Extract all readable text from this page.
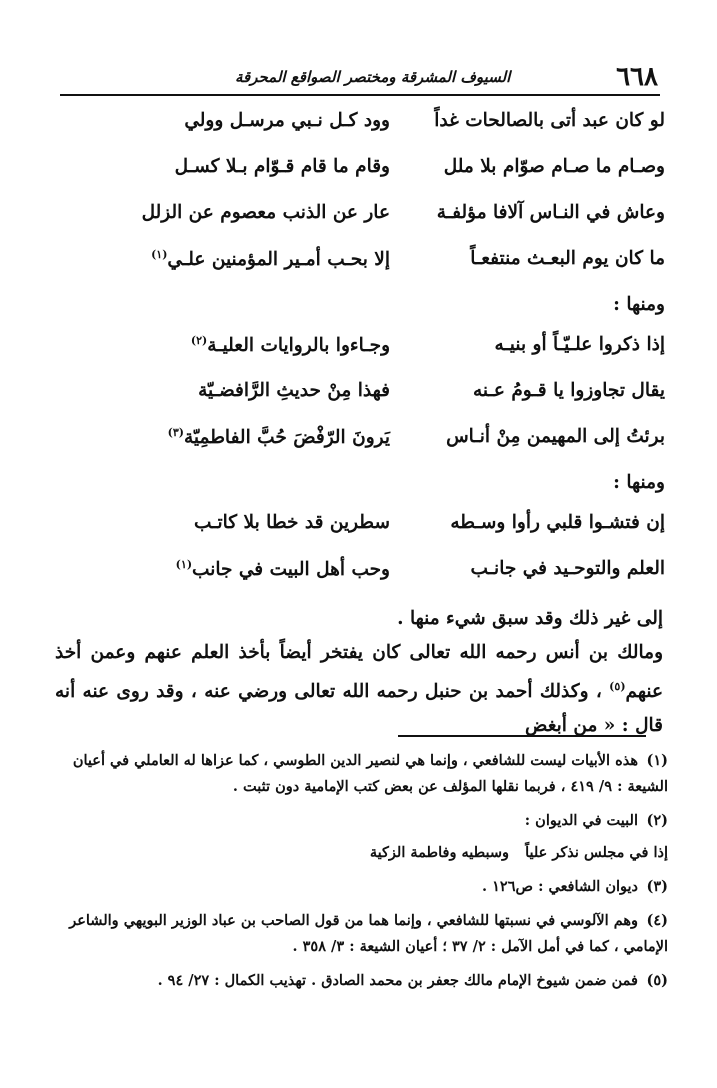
السيوف المشرقة ومختصر الصواقع المحرقة	٦٦٨
لو كان عبد أتى بالصالحات غداً
وود كـل نـبي مرسـل وولي
وصـام ما صـام صوّام بلا ملل
وقام ما قام قـوّام بـلا كسـل
وعاش في النـاس آلافا مؤلفـة
عار عن الذنب معصوم عن الزلل
ما كان يوم البعـث منتفعـاً
إلا بحـب أمـير المؤمنين علـي$^{(١)}$
ومنها :
إذا ذكروا علـيّـاً أو بنيـه
وجـاءوا بالروايات العليـة$^{(٢)}$
يقال تجاوزوا يا قـومُ عـنه
فهذا مِنْ حديثِ الرَّافضـيّة
برئتُ إلى المهيمن مِنْ أنـاس
يَرونَ الرّفْضَ حُبَّ الفاطمِيّة$^{(٣)}$
ومنها :
إن فتشـوا قلبي رأوا وسـطه
سطرين قد خطا بلا كاتـب
العلم والتوحـيد في جانـب
وحب أهل البيت في جانب$^{(١)}$
إلى غير ذلك وقد سبق شيء منها .
ومالك بن أنس رحمه الله تعالى كان يفتخر أيضاً بأخذ العلم عنهم وعمن أخذ عنهم$^{(٥)}$ ، وكذلك أحمد بن حنبل رحمه الله تعالى ورضي عنه ، وقد روى عنه أنه قال : « من أبغض
(١)هذه الأبيات ليست للشافعي ، وإنما هي لنصير الدين الطوسي ، كما عزاها له العاملي في أعيان الشيعة : ٩/ ٤١٩ ، فربما نقلها المؤلف عن بعض كتب الإمامية دون تثبت .
(٢)البيت في الديوان :
إذا في مجلس نذكر علياًوسبطيه وفاطمة الزكية
(٣)ديوان الشافعي : ص١٢٦ .
(٤)وهم الآلوسي في نسبتها للشافعي ، وإنما هما من قول الصاحب بن عباد الوزير البويهي والشاعر الإمامي ، كما في أمل الآمل : ٢/ ٣٧ ؛ أعيان الشيعة : ٣/ ٣٥٨ .
(٥)فمن ضمن شيوخ الإمام مالك جعفر بن محمد الصادق . تهذيب الكمال : ٢٧/ ٩٤ .
